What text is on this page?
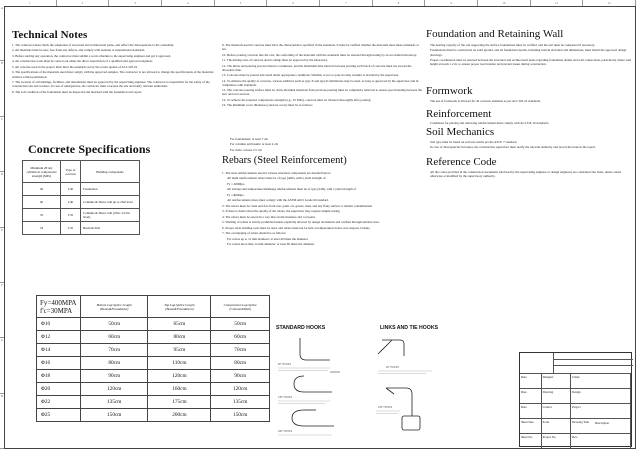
1	2	3	4	5	6	7	8	9	10	11	12
A
B
C
D
E
F
G
H
Technical Notes

1. The contractor must check the adaptation of structural and architectural plans, and reflect the discrepancies to the consultant.

2. All materials must be new, free from any defects, and comply with national or international standards.

3. Before starting any operation, the contractor must submit a work schedule to the supervising engineer and get it approved.

4. All construction work must be carried out under the direct supervision of a qualified and approved engineer.

5. All concrete used in the project must meet the standards set by the recent update of ACI-318-19.

6. The specifications of the materials used must comply with the approved samples. The contractor is not allowed to change the specifications of the materials without written permission.

7. The location of all buildings, facilities, and installations must be approved by the supervising engineer. The contractor is responsible for the safety of the construction site and workers. In case of emergencies, the contractor must evacuate the site and notify relevant authorities.

8. The soil condition of the foundation must be inspected and matched with the foundation soil report.

9- The materials used in concrete must have the characteristics specified in the standards. It must be verified whether the materials meet these standards or not.

10- Before pouring concrete into the cast, the conformity of the materials with the standards must be ensured through testing by an accredited laboratory.

11- The mixing ratio of concrete and its slump must be approved by the laboratory.

12- The mixer and pouring process must be continuous, and the maximum time interval between pouring each batch of concrete must not exceed the allowable time.

13- Concrete must be poured and cured under appropriate conditions. Whether or not to pour in rainy weather is decided by the supervisor.

14- To enhance the quality of concrete, various additives such as type X and type D admixtures may be used, as long as approved by the supervisor and in compliance with standards.

15- The concrete pouring surface must be clean. Residual materials from previous pouring must be completely removed to ensure good bonding between the new and old concrete.

16- To achieve the required compressive strength (e.g., 25 MPa), concrete must be vibrated thoroughly after pouring.

16- The minimum cover thickness (concrete cover) must be as follows:

For foundations: at least 7 cm

For columns and beams: at least 4 cm

For slabs: at least 2.5 cm

Concrete Specifications
Minimum 28 day cylindrical compressive strength (MPa)	Type of concrete	Building components
30	C30	Foundation
40	C40	Columns & Shear wall up to 25m level
35	C35	Columns & Shear wall (25m -54 5m level)
33	C35	Beam & Slab
Rebars (Steel Reinforcement)

1- The steel reinforcements used in various structural components are detailed below:

All main reinforcement rebars must be of type (AIII), with a yield strength of

Fy = 400Mpa

All stirrups and temperature/shrinkage reinforcements must be of type (AIII), with a yield strength of

Fy =400Mpa

All reinforcement rebars must comply with the ASTM A615 Grade 60 standard.

2- The rebars must be clean and free from rust, paint, oil, grease, mud, and any flaky surface or similar contamination.

3- If there is doubt about the quality of the rebars, the supervisor may request sample testing.

4- The rebars must be stored in a way that avoids moisture and corrosion.

5- Welding of rebars is strictly prohibited unless explicitly allowed by design documents and verified through suitable tests.

6- Proper rebar bending tools must be used, and rebars must not be bent at temperatures below zero degrees Celsius.

7- The overlapping of rebars should be as follows:

For rebars up to 12 mm diameter: at least 40 times the diameter

For rebars more than 12 mm diameter: at least 60 times the diameter

Foundation and Retaining Wall

The bearing capacity of the soil supporting the surface foundations must be verified, and the soil must be compacted if necessary.

Foundations must be constructed on solid ground, and all foundation details, including bottom elevation and dimensions, must match the approved design drawings.

Proper coordination must be ensured between the structural and architectural plans regarding foundation details and wall connections, particularly where wall height exceeds 1.2 m, to ensure proper load transfer and prevent issues during construction.

Formwork

The use of formwork is allowed for all concrete elements as per ACI 318-19 standards.

Reinforcement

Conditions for placing and removing reinforcement must comply with ACI 318-19 standards.

Soil Mechanics

Soil type must be based on soil test results per the ASCE 7 standard.

In case of discrepancies in tissues, the construction supervisor must notify the relevant authority and record the issue in the report.

Reference Code

All the codes provided in the construction documents (declared by the supervising engineer or design engineer) are considered the basis, unless stated otherwise or modified by the supervisory authority.

Fy=400MPA
f'c=30MPA	Bottom Lap Splice Length (Beam&Foundation)	Top Lap Splice Length (Beam&Foundation)	Compression Lap Splice (Column&Wall)
Φ10	50cm	65cm	50cm
Φ12	60cm	80cm	60cm
Φ14	70cm	95cm	70cm
Φ16	80cm	110cm	80cm
Φ18	90cm	120cm	90cm
Φ20	120cm	160cm	120cm
Φ22	135cm	175cm	135cm
Φ25	150cm	200cm	150cm
STANDARD HOOKS
90° HOOKS
135° HOOKS
180° HOOKS
LINKS AND TIE HOOKS
90° HOOKS
135° HOOKS
Date	Designer	Client
Date	Drawing	Design
Date	Control	Project
Sheet Size	Scale	Drawing Title
Sheet No.	Project No.	Rev.
Description
